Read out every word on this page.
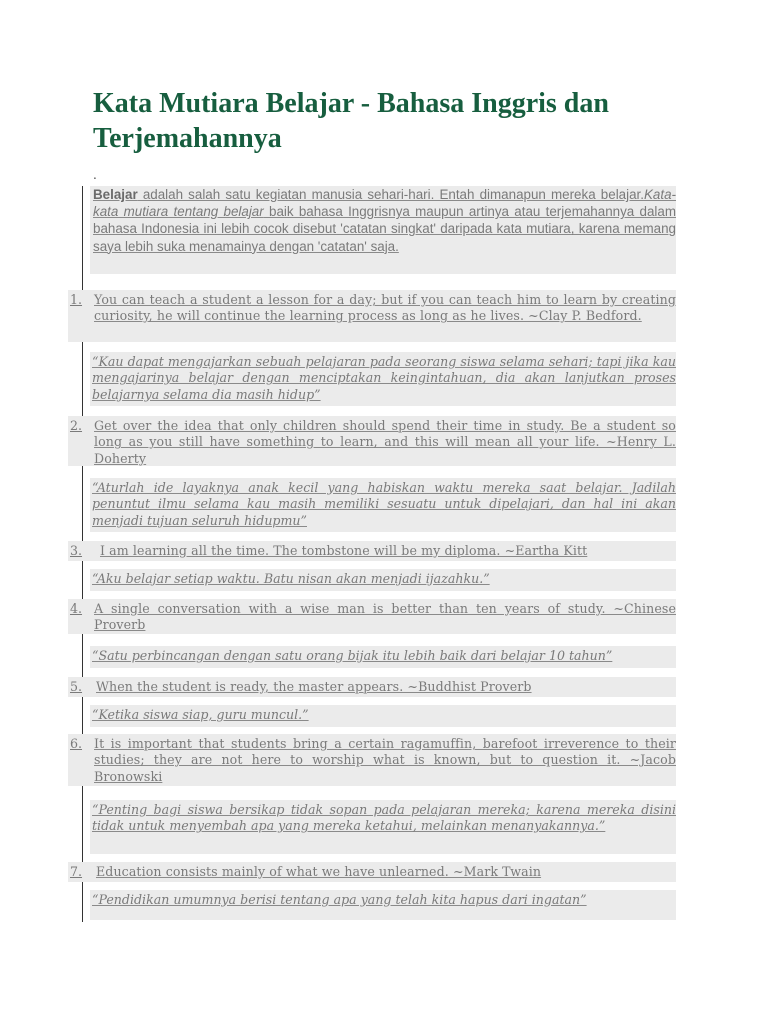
Kata Mutiara Belajar - Bahasa Inggris dan Terjemahannya
.
Belajar adalah salah satu kegiatan manusia sehari-hari. Entah dimanapun mereka belajar.Kata-kata mutiara tentang belajar baik bahasa Inggrisnya maupun artinya atau terjemahannya dalam bahasa Indonesia ini lebih cocok disebut 'catatan singkat' daripada kata mutiara, karena memang saya lebih suka menamainya dengan 'catatan' saja.
1. You can teach a student a lesson for a day; but if you can teach him to learn by creating curiosity, he will continue the learning process as long as he lives. ~Clay P. Bedford.
“Kau dapat mengajarkan sebuah pelajaran pada seorang siswa selama sehari; tapi jika kau mengajarinya belajar dengan menciptakan keingintahuan, dia akan lanjutkan proses belajarnya selama dia masih hidup”
2. Get over the idea that only children should spend their time in study. Be a student so long as you still have something to learn, and this will mean all your life. ~Henry L. Doherty
“Aturlah ide layaknya anak kecil yang habiskan waktu mereka saat belajar. Jadilah penuntut ilmu selama kau masih memiliki sesuatu untuk dipelajari, dan hal ini akan menjadi tujuan seluruh hidupmu”
3.	I am learning all the time. The tombstone will be my diploma. ~Eartha Kitt
“Aku belajar setiap waktu. Batu nisan akan menjadi ijazahku.”
4. A single conversation with a wise man is better than ten years of study. ~Chinese Proverb
“Satu perbincangan dengan satu orang bijak itu lebih baik dari belajar 10 tahun”
5.	When the student is ready, the master appears. ~Buddhist Proverb
“Ketika siswa siap, guru muncul.”
6. It is important that students bring a certain ragamuffin, barefoot irreverence to their studies; they are not here to worship what is known, but to question it. ~Jacob Bronowski
“Penting bagi siswa bersikap tidak sopan pada pelajaran mereka; karena mereka disini tidak untuk menyembah apa yang mereka ketahui, melainkan menanyakannya.”
7.	Education consists mainly of what we have unlearned. ~Mark Twain
“Pendidikan umumnya berisi tentang apa yang telah kita hapus dari ingatan”
